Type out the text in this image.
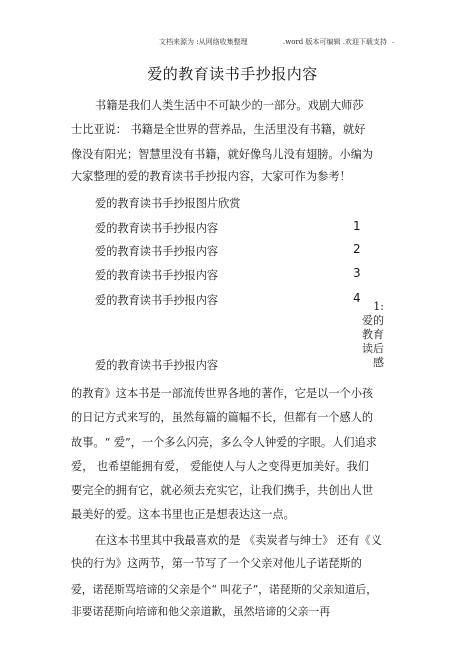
文档来源为 :从网络收集整理	.word 版本可编辑 .欢迎下载支持 .
爱的教育读书手抄报内容
书籍是我们人类生活中不可缺少的一部分。戏剧大师莎
士比亚说： 书籍是全世界的营养品，生活里没有书籍，就好
像没有阳光；智慧里没有书籍，就好像鸟儿没有翅膀。小编为
大家整理的爱的教育读书手抄报内容，大家可作为参考！
爱的教育读书手抄报图片欣赏
爱的教育读书手抄报内容	1
爱的教育读书手抄报内容	2
爱的教育读书手抄报内容	3
爱的教育读书手抄报内容	4
1:
爱的
教育
读后
感
爱的教育读书手抄报内容
的教育》这本书是一部流传世界各地的著作，它是以一个小孩
的日记方式来写的，虽然每篇的篇幅不长，但都有一个感人的
故事。“ 爱”，一个多么闪亮，多么令人钟爱的字眼。人们追求
爱， 也希望能拥有爱， 爱能使人与人之变得更加美好。我们
要完全的拥有它，就必须去充实它，让我们携手，共创出人世
最美好的爱。这本书里也正是想表达这一点。
在这本书里其中我最喜欢的是 《卖炭者与绅士》 还有《义
快的行为》这两节，第一节写了一个父亲对他儿子诺琵斯的
爱，诺琵斯骂培谛的父亲是个“ 叫花子”，诺琵斯的父亲知道后，
非要诺琵斯向培谛和他父亲道歉，虽然培谛的父亲一再
